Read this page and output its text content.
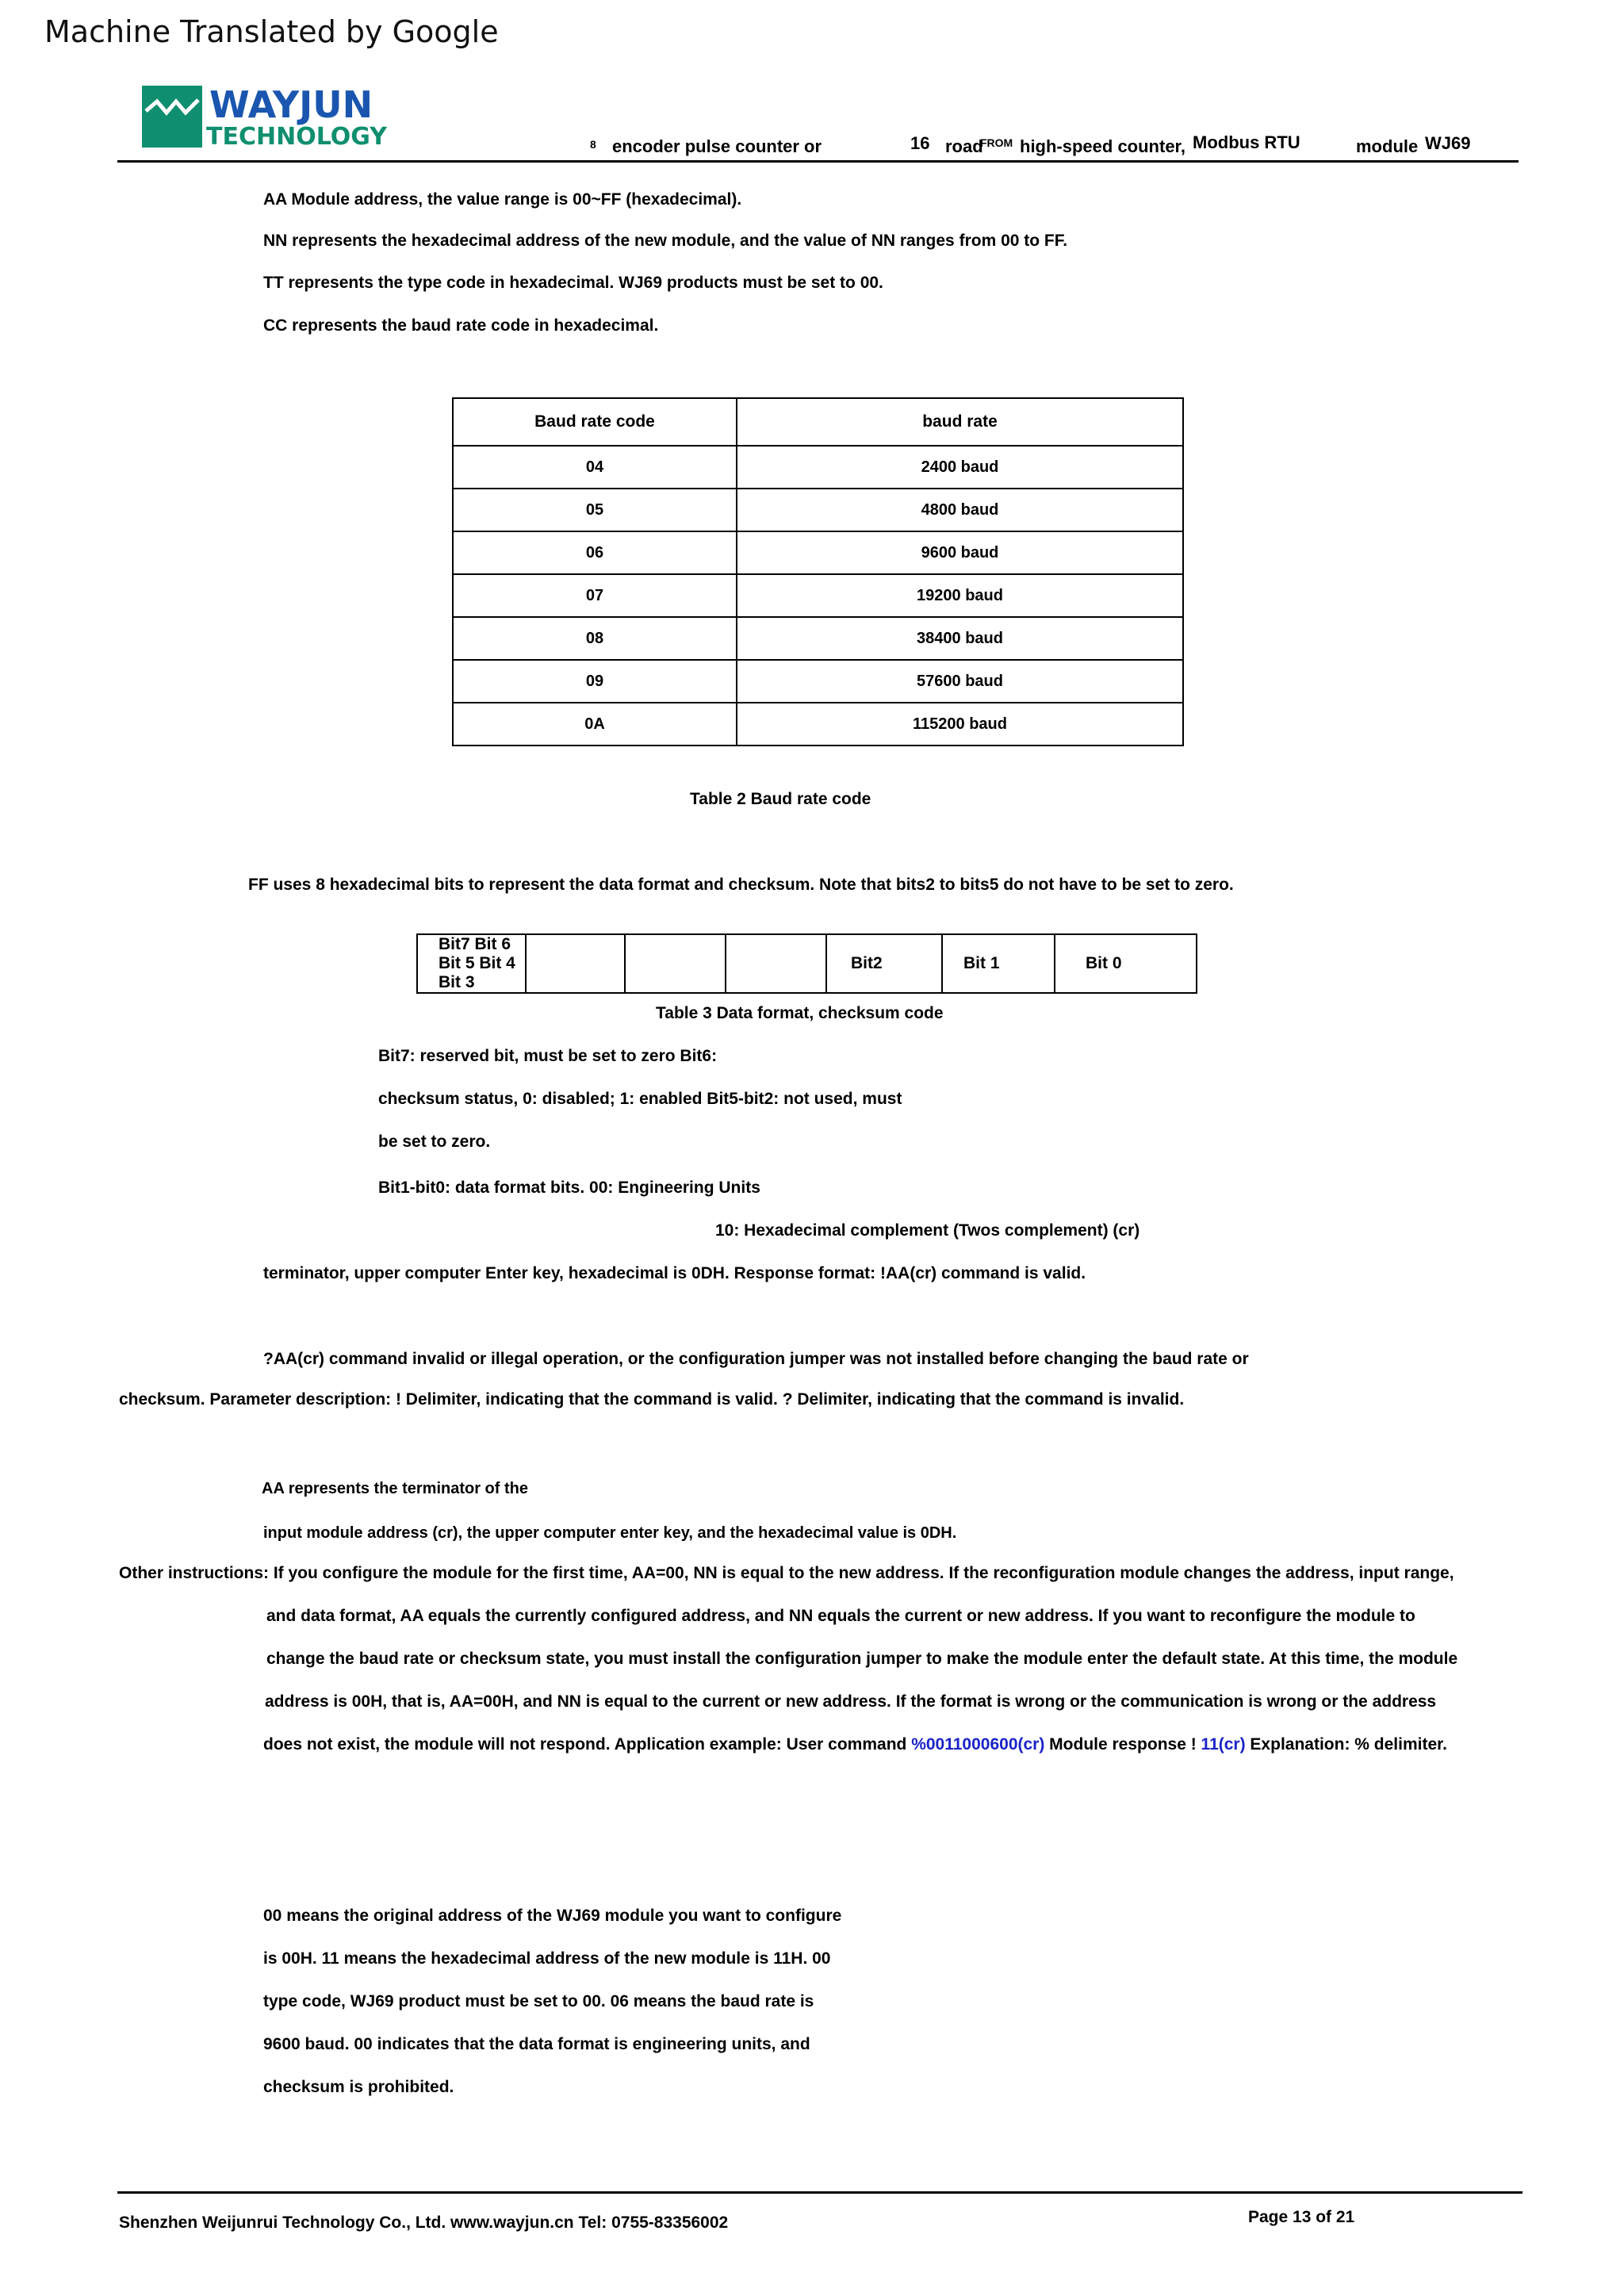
Machine Translated by Google
WAYJUN
TECHNOLOGY	8 encoder pulse counter or	16 road
FROM high-speed counter, Modbus RTU	module WJ69
AA Module address, the value range is 00~FF (hexadecimal).
NN represents the hexadecimal address of the new module, and the value of NN ranges from 00 to FF.
TT represents the type code in hexadecimal. WJ69 products must be set to 00.
CC represents the baud rate code in hexadecimal.
Baud rate code	baud rate
04	2400 baud
05	4800 baud
06	9600 baud
07	19200 baud
08	38400 baud
09	57600 baud
0A	115200 baud
Table 2 Baud rate code
FF uses 8 hexadecimal bits to represent the data format and checksum. Note that bits2 to bits5 do not have to be set to zero.
Bit7 Bit 6 Bit 5 Bit 4 Bit 3				Bit2	Bit 1	Bit 0
Table 3 Data format, checksum code
Bit7: reserved bit, must be set to zero Bit6:
checksum status, 0: disabled; 1: enabled Bit5-bit2: not used, must
be set to zero.
Bit1-bit0: data format bits. 00: Engineering Units
10: Hexadecimal complement (Twos complement) (cr)
terminator, upper computer Enter key, hexadecimal is 0DH. Response format: !AA(cr) command is valid.
?AA(cr) command invalid or illegal operation, or the configuration jumper was not installed before changing the baud rate or
checksum. Parameter description: ! Delimiter, indicating that the command is valid. ? Delimiter, indicating that the command is invalid.
AA represents the terminator of the
input module address (cr), the upper computer enter key, and the hexadecimal value is 0DH.
Other instructions: If you configure the module for the first time, AA=00, NN is equal to the new address. If the reconfiguration module changes the address, input range,
and data format, AA equals the currently configured address, and NN equals the current or new address. If you want to reconfigure the module to
change the baud rate or checksum state, you must install the configuration jumper to make the module enter the default state. At this time, the module
address is 00H, that is, AA=00H, and NN is equal to the current or new address. If the format is wrong or the communication is wrong or the address
does not exist, the module will not respond. Application example: User command %0011000600(cr) Module response ! 11(cr) Explanation: % delimiter.
00 means the original address of the WJ69 module you want to configure
is 00H. 11 means the hexadecimal address of the new module is 11H. 00
type code, WJ69 product must be set to 00. 06 means the baud rate is
9600 baud. 00 indicates that the data format is engineering units, and
checksum is prohibited.
Shenzhen Weijunrui Technology Co., Ltd. www.wayjun.cn Tel: 0755-83356002	Page 13 of 21
